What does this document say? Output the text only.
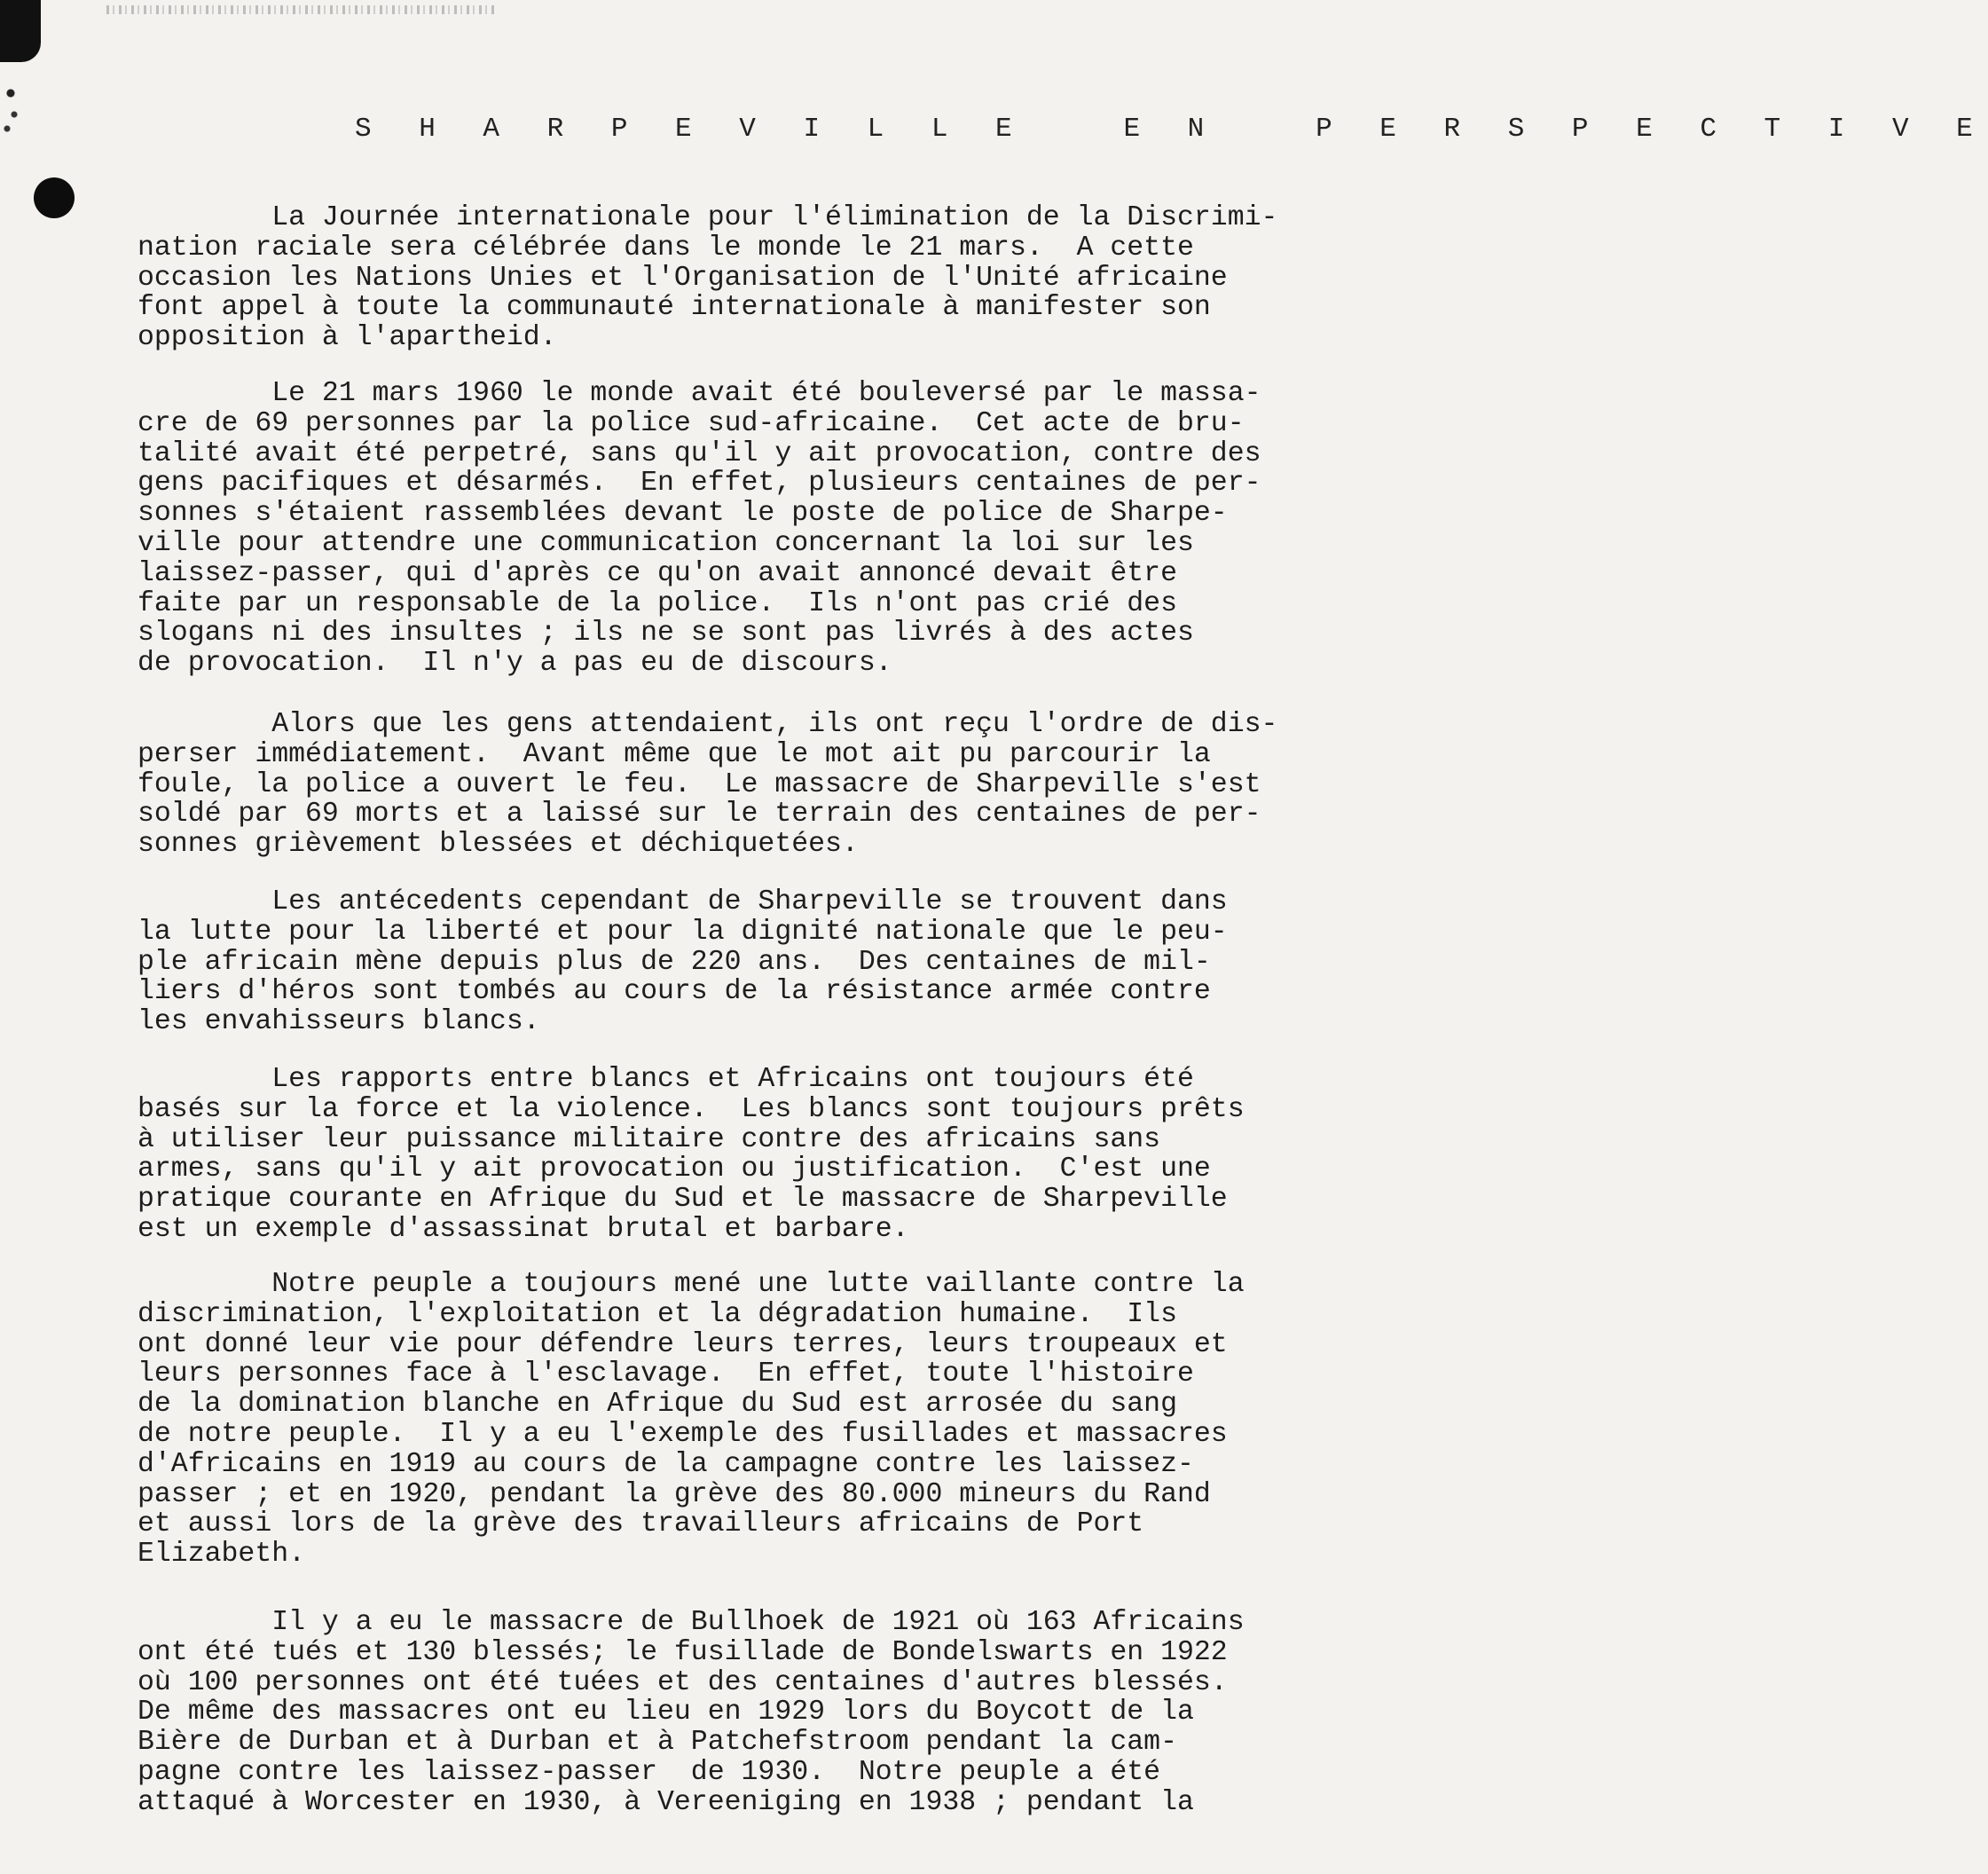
S H A R P E V I L L E   E N   P E R S P E C T I V E
La Journée internationale pour l'élimination de la Discrimi-
nation raciale sera célébrée dans le monde le 21 mars.  A cette
occasion les Nations Unies et l'Organisation de l'Unité africaine
font appel à toute la communauté internationale à manifester son
opposition à l'apartheid.
Le 21 mars 1960 le monde avait été bouleversé par le massa-
cre de 69 personnes par la police sud-africaine.  Cet acte de bru-
talité avait été perpetré, sans qu'il y ait provocation, contre des
gens pacifiques et désarmés.  En effet, plusieurs centaines de per-
sonnes s'étaient rassemblées devant le poste de police de Sharpe-
ville pour attendre une communication concernant la loi sur les
laissez-passer, qui d'après ce qu'on avait annoncé devait être
faite par un responsable de la police.  Ils n'ont pas crié des
slogans ni des insultes ; ils ne se sont pas livrés à des actes
de provocation.  Il n'y a pas eu de discours.
Alors que les gens attendaient, ils ont reçu l'ordre de dis-
perser immédiatement.  Avant même que le mot ait pu parcourir la
foule, la police a ouvert le feu.  Le massacre de Sharpeville s'est
soldé par 69 morts et a laissé sur le terrain des centaines de per-
sonnes grièvement blessées et déchiquetées.
Les antécedents cependant de Sharpeville se trouvent dans
la lutte pour la liberté et pour la dignité nationale que le peu-
ple africain mène depuis plus de 220 ans.  Des centaines de mil-
liers d'héros sont tombés au cours de la résistance armée contre
les envahisseurs blancs.
Les rapports entre blancs et Africains ont toujours été
basés sur la force et la violence.  Les blancs sont toujours prêts
à utiliser leur puissance militaire contre des africains sans
armes, sans qu'il y ait provocation ou justification.  C'est une
pratique courante en Afrique du Sud et le massacre de Sharpeville
est un exemple d'assassinat brutal et barbare.
Notre peuple a toujours mené une lutte vaillante contre la
discrimination, l'exploitation et la dégradation humaine.  Ils
ont donné leur vie pour défendre leurs terres, leurs troupeaux et
leurs personnes face à l'esclavage.  En effet, toute l'histoire
de la domination blanche en Afrique du Sud est arrosée du sang
de notre peuple.  Il y a eu l'exemple des fusillades et massacres
d'Africains en 1919 au cours de la campagne contre les laissez-
passer ; et en 1920, pendant la grève des 80.000 mineurs du Rand
et aussi lors de la grève des travailleurs africains de Port
Elizabeth.
Il y a eu le massacre de Bullhoek de 1921 où 163 Africains
ont été tués et 130 blessés; le fusillade de Bondelswarts en 1922
où 100 personnes ont été tuées et des centaines d'autres blessés.
De même des massacres ont eu lieu en 1929 lors du Boycott de la
Bière de Durban et à Durban et à Patchefstroom pendant la cam-
pagne contre les laissez-passer  de 1930.  Notre peuple a été
attaqué à Worcester en 1930, à Vereeniging en 1938 ; pendant la
